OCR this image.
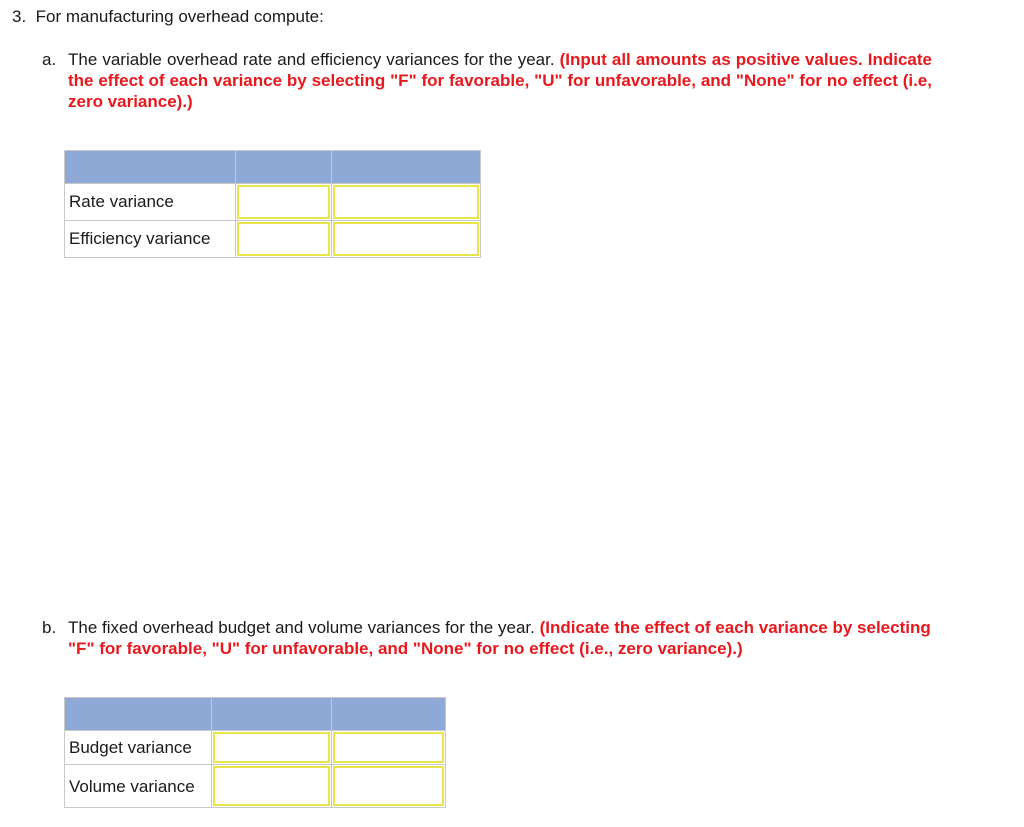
3. For manufacturing overhead compute:
a. The variable overhead rate and efficiency variances for the year. (Input all amounts as positive values. Indicate the effect of each variance by selecting "F" for favorable, "U" for unfavorable, and "None" for no effect (i.e, zero variance).)

Rate variance	

Efficiency variance	

b. The fixed overhead budget and volume variances for the year. (Indicate the effect of each variance by selecting "F" for favorable, "U" for unfavorable, and "None" for no effect (i.e., zero variance).)

Budget variance	

Volume variance	
